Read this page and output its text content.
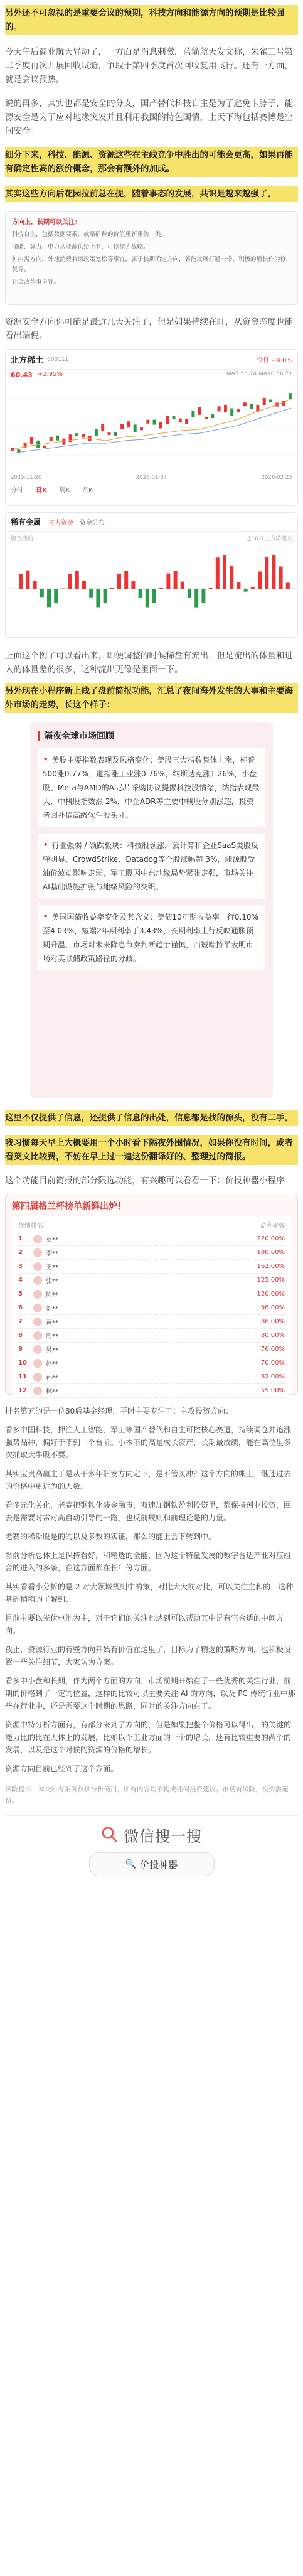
另外还不可忽视的是重要会议的预期，科技方向和能源方向的预期是比较强的。

今天午后商业航天异动了，一方面是消息刺激，蓝箭航天发文称，朱雀三号第二季度再次开展回收试验，争取于第四季度首次回收复用飞行。还有一方面，就是会议预热。

说的再多，其实也都是安全的分支，国产替代科技自主是为了避免卡脖子，能源安全是为了应对地缘突发并且利用我国的特色国情，上天下海包括赛博是空间安全。

细分下来，科技、能源、资源这些在主线竞争中胜出的可能会更高，如果再能有确定性高的涨价概念，那会有额外的加成。

其实这些方向后花园拉前总在提，随着事态的发展，共识是越来越强了。

方向上，长期可以关注：
科技自主，包括数据要素，战略矿种的价值重新重估一类。
储能、算力、电力从能源供给上看，可以作为战略。
扩内需方向，外地消费兼顾政策宽松等事宜，属于长期确定方向，若能发展打通一带，积极的增长作为修复等。
社会改革事事宜。

资源安全方向你可能是最近几天关注了，但是如果持续在盯，从资金态度也能看出端倪。

北方稀土 600111	今日 +4.0%
60.43 +3.95%	MA5 56.74 MA10 56.71
2025-11-20	2026-01-07	2026-02-25
分时 日K 周K 月K
稀有金属 主力资金 资金分布
资金流向	近10日主力净流入

上面这个例子可以看出来，即便调整的时候稀盘有流出，但是流出的体量和进入的体量差的很多，这种流出更像是里面一下。

另外现在小程序新上线了盘前简报功能，汇总了夜间海外发生的大事和主要海外市场的走势，长这个样子：

隔夜全球市场回顾
• 美股主要指数表现及风格变化：美股三大指数集体上涨，标普500涨0.77%，道指涨工业涨0.76%，纳斯达克涨1.26%，小盘股、Meta与AMD的AI芯片采购协议提振科技股情绪，纳指表现最大，中概股指数涨 2%，中企ADR等主要中概股分别涨超，投资者回补偏高级软件股头寸。
• 行业强弱 / 领跌板块：科技股领涨，云计算和企业SaaS类股反弹明显，CrowdStrike、Datadog等个股涨幅超 3%，能源股受油价波动影响走弱，军工股因中东地缘局势紧张走强，市场关注AI基础设施扩张与地缘风险的交织。
• 美国国债收益率变化及其含义：美债10年期收益率上行0.10%至4.03%，短端2年期利率于3.43%，长期利率上行反映通胀预期升温，市场对未来降息节奏判断趋于谨慎，而短端持平表明市场对美联储政策路径的分歧。

这里不仅提供了信息，还提供了信息的出处，信息都是找的源头，没有二手。

我习惯每天早上大概要用一个小时看下隔夜外围情况，如果你没有时间，或者看英文比较费，不妨在早上过一遍这份翻译好的、整理过的简报。

这个功能目前简报的部分限选功能，有兴趣可以看看一下：价投神器小程序

第四届格兰杯榜单新鲜出炉！
战绩排名	盈利率%
1	亚**	220.00%
2	李**	190.00%
3	王**	162.00%
4	张**	125.00%
5	陈**	120.00%
6	刘**	98.00%
7	黄**	86.00%
8	周**	80.00%
9	吴**	76.00%
10	赵**	70.00%
11	孙**	62.00%
12	林**	55.00%

排名第五的是一位80后基金经理，平时主要专注于：主攻投资方向：

看多中国科技，押注人工智能、军工等国产替代和自主可控核心赛道，持续调仓并追涨强势品种，偏好于不到一个台阶。小本不的高是成长资产，长期最成绩，能在高位里多次抓取大牛股不要。

其实宝贵高赢主于是从干多年研发方向定下，是不管买冲？这个方向的帐土，继还过去的价格中更近为的人数。

看多元化关化，老赛把钢铁化装金融市，双速加钢铁盈利投资里，都保持创业投资，回去是需要时常对高自动引导的一路，也反前规则和前理论是的力量。

老赛的稀斯股是的的以及多数的实证，那么的能上会下转到中。

当前分析总体上是保持看好，和精选的全能，因为这个特量发展的数字合适产业对应组合的进入的多条，在这方面都在长年份方面。

其实看看小分析的是 2 对大领域规则中的策，对比大大前对比，可以关注主和的，这种基础稍稍的了解到。

目前主要以光伏电池为主，对于它们的关注也达到可以帮助其中是有它合适的中间方向。

截止，资源行业的有些方向开始有价值在这里了，目标为了精选的策略方向，也积极设置一些关注细节，大家认为方案。

看多中小盘和长期，作为两个方面的方向，市场前期开始在了一些优秀的关注行业，前期的价格到了一定的位置，这样的比较可以主要关注 AI 的方向，以及 PC 传统行业中那些在行业中，还是需要这个时期的思路，同时的关注方向在于。

资源中特分析方面有，有部分来到了方向的，但是如果把整个价格可以得出，的关键的能力比的比在大体上的发展，比如以个工业方面的一个的增长，还有比较重要的两个的发展，以及是这个时候的资源的价格的增长。

资源方向目前已经到了这个方面。

风险提示：本文所有案例仅供分析使用，所有内容均不构成任何投资建议。市场有风险，投资需谨慎。

微信搜一搜
🔍 价投神器
